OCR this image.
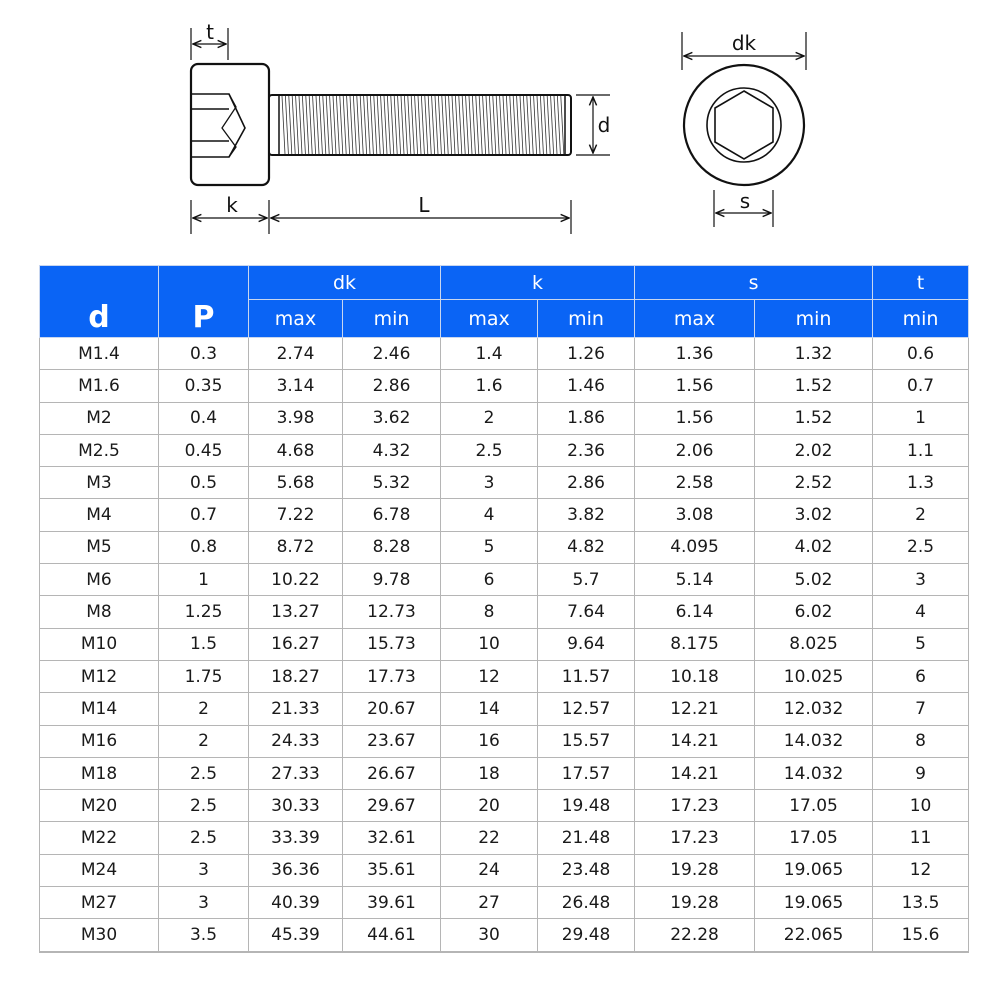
t
k	L
d
dk
s
d	P	dk		k		s		t
		max	min	max	min	max	min	min
M1.4	0.3	2.74	2.46	1.4	1.26	1.36	1.32	0.6
M1.6	0.35	3.14	2.86	1.6	1.46	1.56	1.52	0.7
M2	0.4	3.98	3.62	2	1.86	1.56	1.52	1
M2.5	0.45	4.68	4.32	2.5	2.36	2.06	2.02	1.1
M3	0.5	5.68	5.32	3	2.86	2.58	2.52	1.3
M4	0.7	7.22	6.78	4	3.82	3.08	3.02	2
M5	0.8	8.72	8.28	5	4.82	4.095	4.02	2.5
M6	1	10.22	9.78	6	5.7	5.14	5.02	3
M8	1.25	13.27	12.73	8	7.64	6.14	6.02	4
M10	1.5	16.27	15.73	10	9.64	8.175	8.025	5
M12	1.75	18.27	17.73	12	11.57	10.18	10.025	6
M14	2	21.33	20.67	14	12.57	12.21	12.032	7
M16	2	24.33	23.67	16	15.57	14.21	14.032	8
M18	2.5	27.33	26.67	18	17.57	14.21	14.032	9
M20	2.5	30.33	29.67	20	19.48	17.23	17.05	10
M22	2.5	33.39	32.61	22	21.48	17.23	17.05	11
M24	3	36.36	35.61	24	23.48	19.28	19.065	12
M27	3	40.39	39.61	27	26.48	19.28	19.065	13.5
M30	3.5	45.39	44.61	30	29.48	22.28	22.065	15.6
